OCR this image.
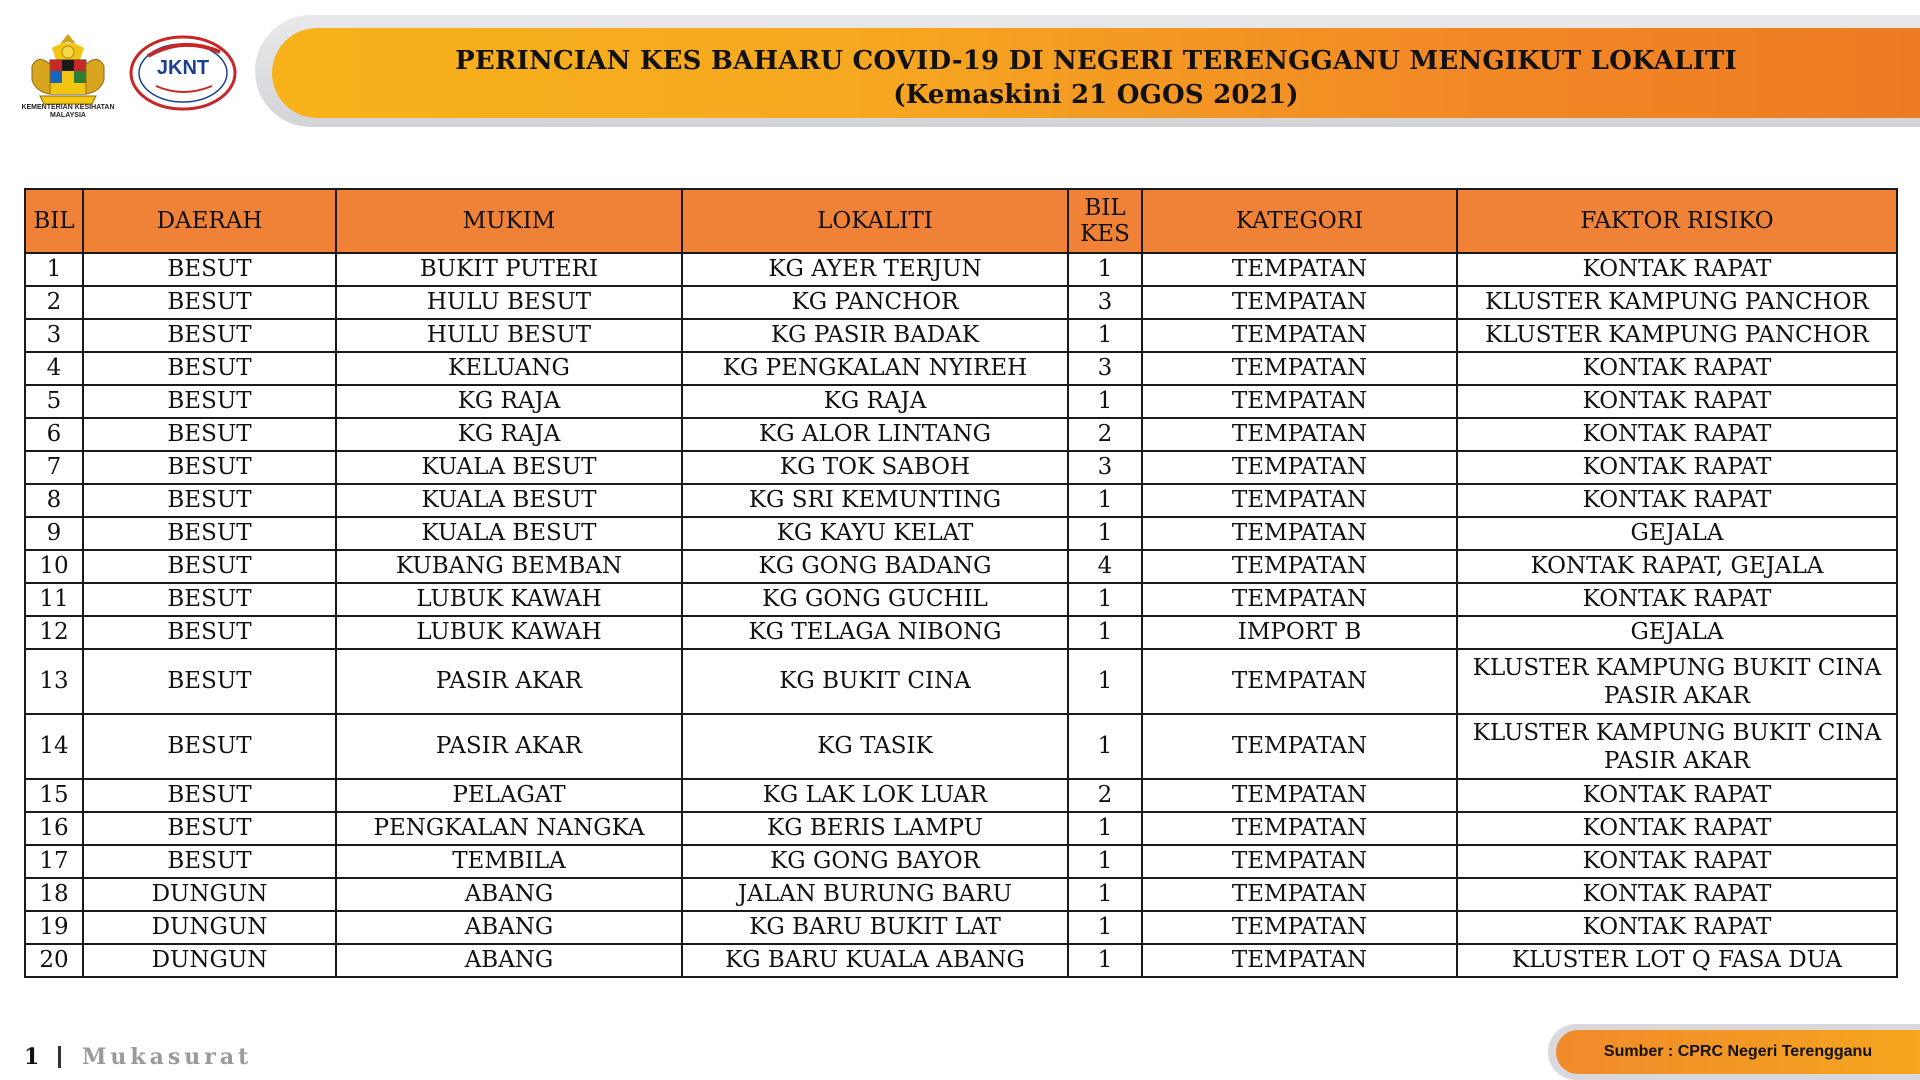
KEMENTERIAN KESIHATAN MALAYSIA
JKNT	PERINCIAN KES BAHARU COVID-19 DI NEGERI TERENGGANU MENGIKUT LOKALITI
(Kemaskini 21 OGOS 2021)
BIL	DAERAH	MUKIM	LOKALITI	BIL KES	KATEGORI	FAKTOR RISIKO
1	BESUT	BUKIT PUTERI	KG AYER TERJUN	1	TEMPATAN	KONTAK RAPAT
2	BESUT	HULU BESUT	KG PANCHOR	3	TEMPATAN	KLUSTER KAMPUNG PANCHOR
3	BESUT	HULU BESUT	KG PASIR BADAK	1	TEMPATAN	KLUSTER KAMPUNG PANCHOR
4	BESUT	KELUANG	KG PENGKALAN NYIREH	3	TEMPATAN	KONTAK RAPAT
5	BESUT	KG RAJA	KG RAJA	1	TEMPATAN	KONTAK RAPAT
6	BESUT	KG RAJA	KG ALOR LINTANG	2	TEMPATAN	KONTAK RAPAT
7	BESUT	KUALA BESUT	KG TOK SABOH	3	TEMPATAN	KONTAK RAPAT
8	BESUT	KUALA BESUT	KG SRI KEMUNTING	1	TEMPATAN	KONTAK RAPAT
9	BESUT	KUALA BESUT	KG KAYU KELAT	1	TEMPATAN	GEJALA
10	BESUT	KUBANG BEMBAN	KG GONG BADANG	4	TEMPATAN	KONTAK RAPAT, GEJALA
11	BESUT	LUBUK KAWAH	KG GONG GUCHIL	1	TEMPATAN	KONTAK RAPAT
12	BESUT	LUBUK KAWAH	KG TELAGA NIBONG	1	IMPORT B	GEJALA
13	BESUT	PASIR AKAR	KG BUKIT CINA	1	TEMPATAN	KLUSTER KAMPUNG BUKIT CINA PASIR AKAR
14	BESUT	PASIR AKAR	KG TASIK	1	TEMPATAN	KLUSTER KAMPUNG BUKIT CINA PASIR AKAR
15	BESUT	PELAGAT	KG LAK LOK LUAR	2	TEMPATAN	KONTAK RAPAT
16	BESUT	PENGKALAN NANGKA	KG BERIS LAMPU	1	TEMPATAN	KONTAK RAPAT
17	BESUT	TEMBILA	KG GONG BAYOR	1	TEMPATAN	KONTAK RAPAT
18	DUNGUN	ABANG	JALAN BURUNG BARU	1	TEMPATAN	KONTAK RAPAT
19	DUNGUN	ABANG	KG BARU BUKIT LAT	1	TEMPATAN	KONTAK RAPAT
20	DUNGUN	ABANG	KG BARU KUALA ABANG	1	TEMPATAN	KLUSTER LOT Q FASA DUA
1 Mukasurat	Sumber : CPRC Negeri Terengganu
